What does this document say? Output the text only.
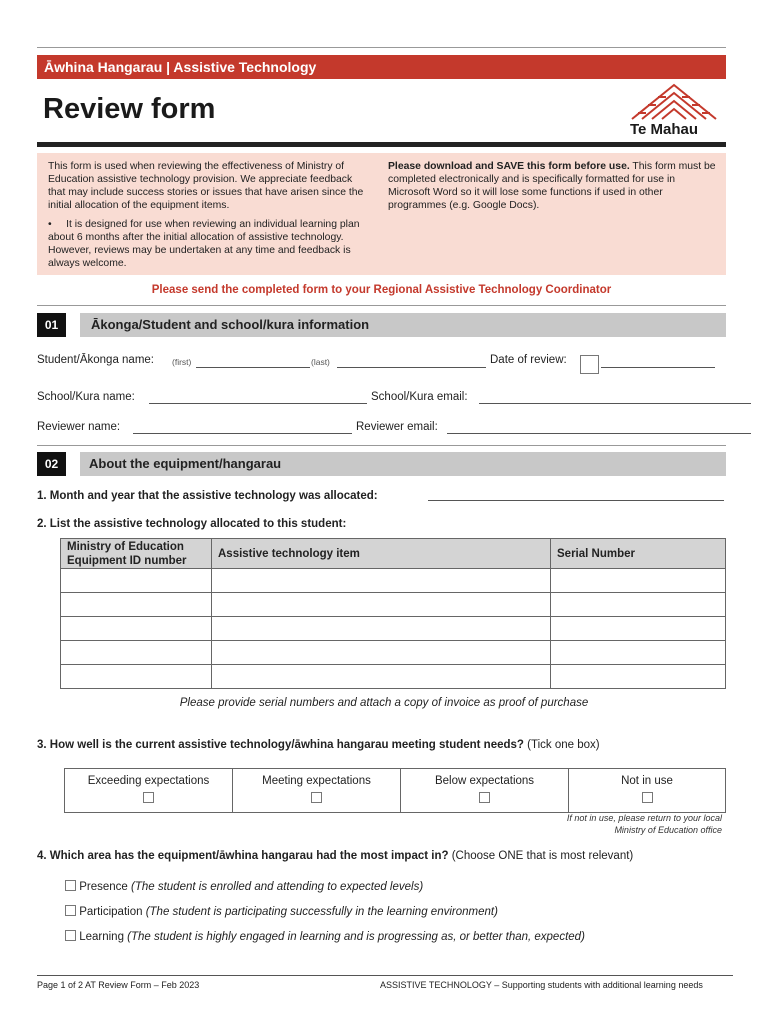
Āwhina Hangarau | Assistive Technology
Review form
Te Mahau

This form is used when reviewing the effectiveness of Ministry of Education assistive technology provision. We appreciate feedback that may include success stories or issues that have arisen since the initial allocation of the equipment items.

•     It is designed for use when reviewing an individual learning plan about 6 months after the initial allocation of assistive technology. However, reviews may be undertaken at any time and feedback is always welcome.

Please download and SAVE this form before use. This form must be completed electronically and is specifically formatted for use in Microsoft Word so it will lose some functions if used in other programmes (e.g. Google Docs).
Please send the completed form to your Regional Assistive Technology Coordinator
01	Ākonga/Student and school/kura information
Student/Ākonga name: (first)	(last)	Date of review:
School/Kura name:	School/Kura email:
Reviewer name:	Reviewer email:
02	About the equipment/hangarau
1. Month and year that the assistive technology was allocated:
2. List the assistive technology allocated to this student:
Ministry of Education Equipment ID number	Assistive technology item	Serial Number

Please provide serial numbers and attach a copy of invoice as proof of purchase
3. How well is the current assistive technology/āwhina hangarau meeting student needs? (Tick one box)
Exceeding expectations	Meeting expectations	Below expectations	Not in use
If not in use, please return to your local Ministry of Education office
4. Which area has the equipment/āwhina hangarau had the most impact in? (Choose ONE that is most relevant)
Presence (The student is enrolled and attending to expected levels)
Participation (The student is participating successfully in the learning environment)
Learning (The student is highly engaged in learning and is progressing as, or better than, expected)
Page 1 of 2 AT Review Form – Feb 2023	ASSISTIVE TECHNOLOGY – Supporting students with additional learning needs
